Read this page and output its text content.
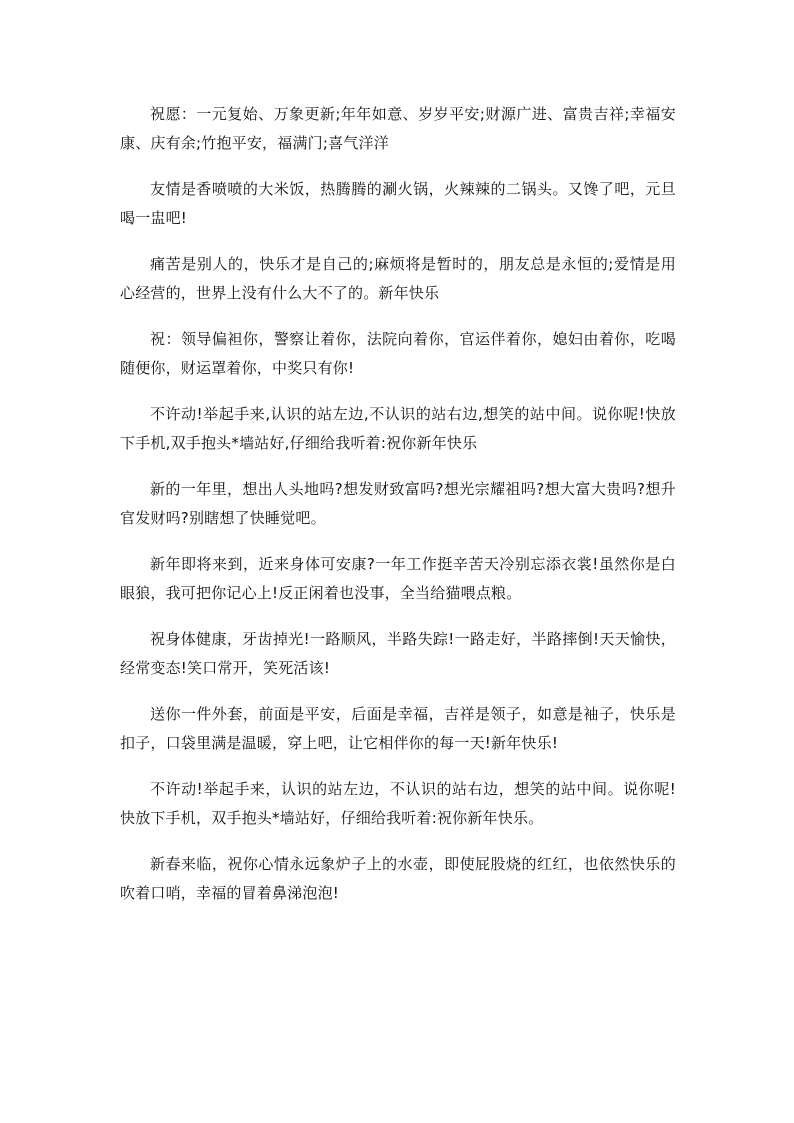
祝愿：一元复始、万象更新;年年如意、岁岁平安;财源广进、富贵吉祥;幸福安康、庆有余;竹抱平安，福满门;喜气洋洋

友情是香喷喷的大米饭，热腾腾的涮火锅，火辣辣的二锅头。又馋了吧，元旦喝一盅吧!

痛苦是别人的，快乐才是自己的;麻烦将是暂时的，朋友总是永恒的;爱情是用心经营的，世界上没有什么大不了的。新年快乐

祝：领导偏袒你，警察让着你，法院向着你，官运伴着你，媳妇由着你，吃喝随便你，财运罩着你，中奖只有你!

不许动!举起手来,认识的站左边,不认识的站右边,想笑的站中间。说你呢!快放下手机,双手抱头*墙站好,仔细给我听着:祝你新年快乐

新的一年里，想出人头地吗?想发财致富吗?想光宗耀祖吗?想大富大贵吗?想升官发财吗?别瞎想了快睡觉吧。

新年即将来到，近来身体可安康?一年工作挺辛苦天冷别忘添衣裳!虽然你是白眼狼，我可把你记心上!反正闲着也没事，全当给猫喂点粮。

祝身体健康，牙齿掉光!一路顺风，半路失踪!一路走好，半路摔倒!天天愉快，经常变态!笑口常开，笑死活该!

送你一件外套，前面是平安，后面是幸福，吉祥是领子，如意是袖子，快乐是扣子，口袋里满是温暖，穿上吧，让它相伴你的每一天!新年快乐!

不许动!举起手来，认识的站左边，不认识的站右边，想笑的站中间。说你呢!快放下手机，双手抱头*墙站好，仔细给我听着:祝你新年快乐。

新春来临，祝你心情永远象炉子上的水壶，即使屁股烧的红红，也依然快乐的吹着口哨，幸福的冒着鼻涕泡泡!
